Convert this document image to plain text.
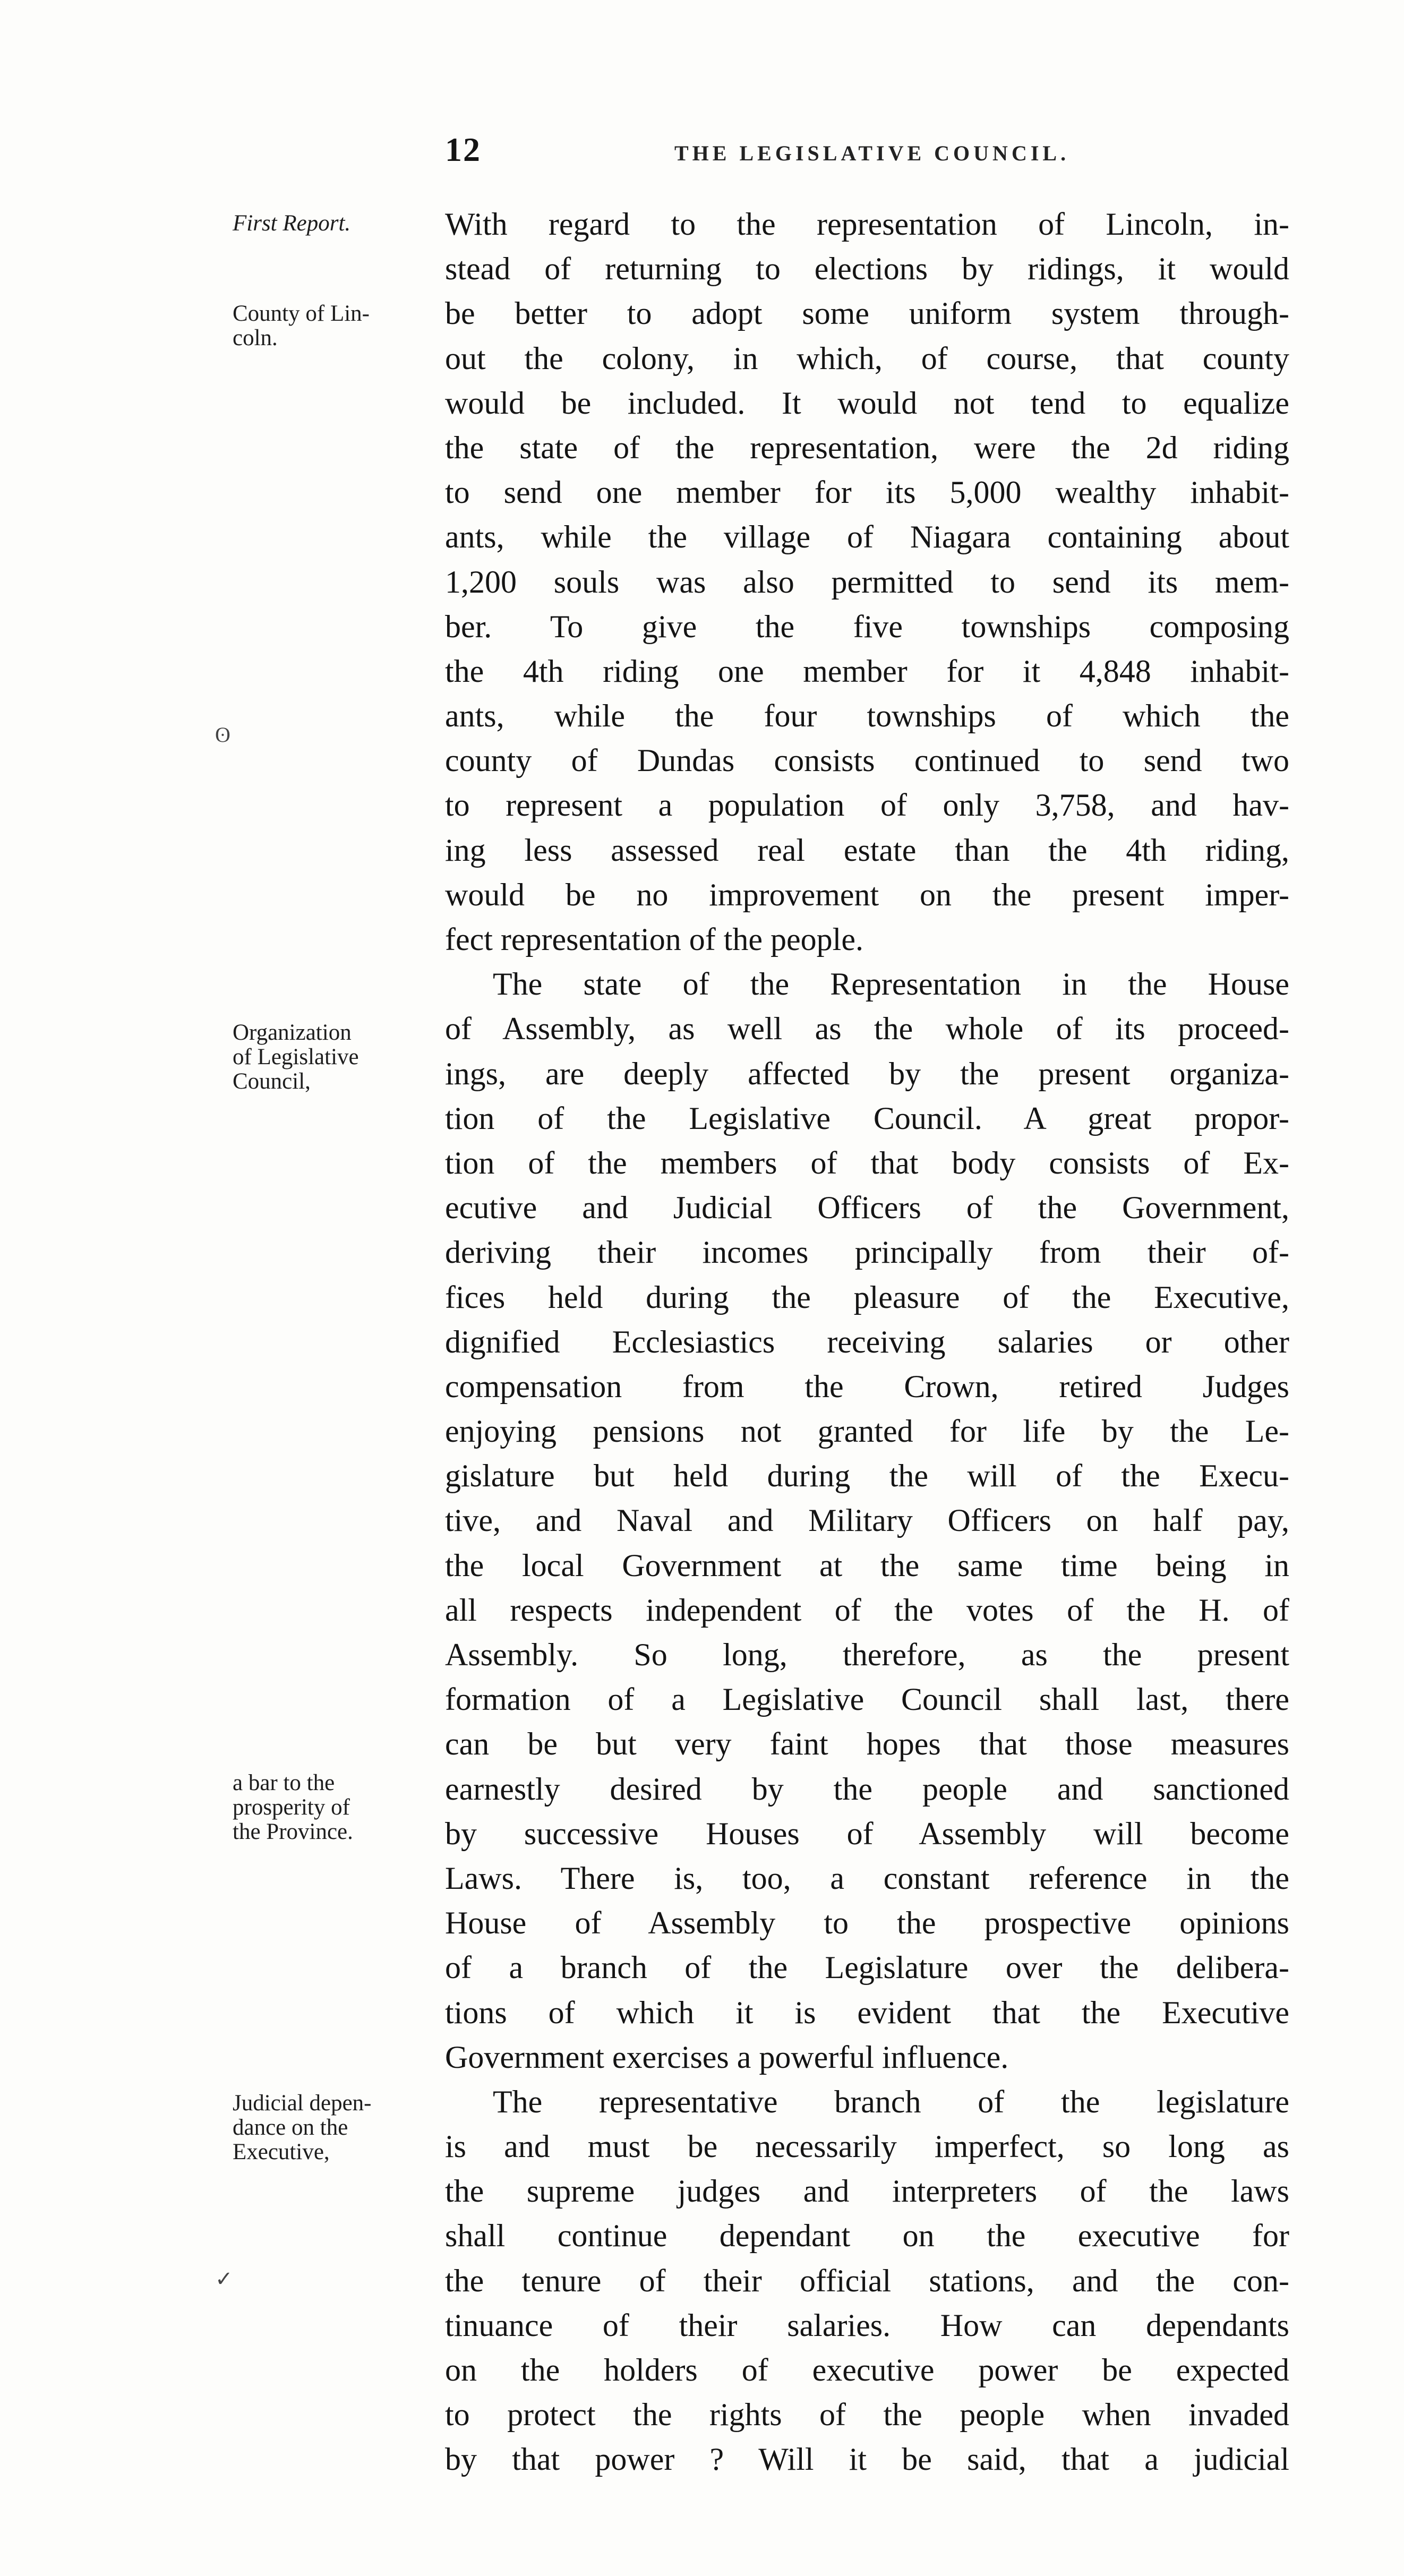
12	THE LEGISLATIVE COUNCIL.
First Report.
County of Lin-
coln.
ʘ
Organization
of Legislative
Council,
a bar to the
prosperity of
the Province.
Judicial depen-
dance on the
Executive,
✓
With regard to the representation of Lincoln, in-
stead of returning to elections by ridings, it would
be better to adopt some uniform system through-
out the colony, in which, of course, that county
would be included. It would not tend to equalize
the state of the representation, were the 2d riding
to send one member for its 5,000 wealthy inhabit-
ants, while the village of Niagara containing about
1,200 souls was also permitted to send its mem-
ber. To give the five townships composing
the 4th riding one member for it 4,848 inhabit-
ants, while the four townships of which the
county of Dundas consists continued to send two
to represent a population of only 3,758, and hav-
ing less assessed real estate than the 4th riding,
would be no improvement on the present imper-
fect representation of the people.
The state of the Representation in the House
of Assembly, as well as the whole of its proceed-
ings, are deeply affected by the present organiza-
tion of the Legislative Council. A great propor-
tion of the members of that body consists of Ex-
ecutive and Judicial Officers of the Government,
deriving their incomes principally from their of-
fices held during the pleasure of the Executive,
dignified Ecclesiastics receiving salaries or other
compensation from the Crown, retired Judges
enjoying pensions not granted for life by the Le-
gislature but held during the will of the Execu-
tive, and Naval and Military Officers on half pay,
the local Government at the same time being in
all respects independent of the votes of the H. of
Assembly. So long, therefore, as the present
formation of a Legislative Council shall last, there
can be but very faint hopes that those measures
earnestly desired by the people and sanctioned
by successive Houses of Assembly will become
Laws. There is, too, a constant reference in the
House of Assembly to the prospective opinions
of a branch of the Legislature over the delibera-
tions of which it is evident that the Executive
Government exercises a powerful influence.
The representative branch of the legislature
is and must be necessarily imperfect, so long as
the supreme judges and interpreters of the laws
shall continue dependant on the executive for
the tenure of their official stations, and the con-
tinuance of their salaries. How can dependants
on the holders of executive power be expected
to protect the rights of the people when invaded
by that power ? Will it be said, that a judicial
